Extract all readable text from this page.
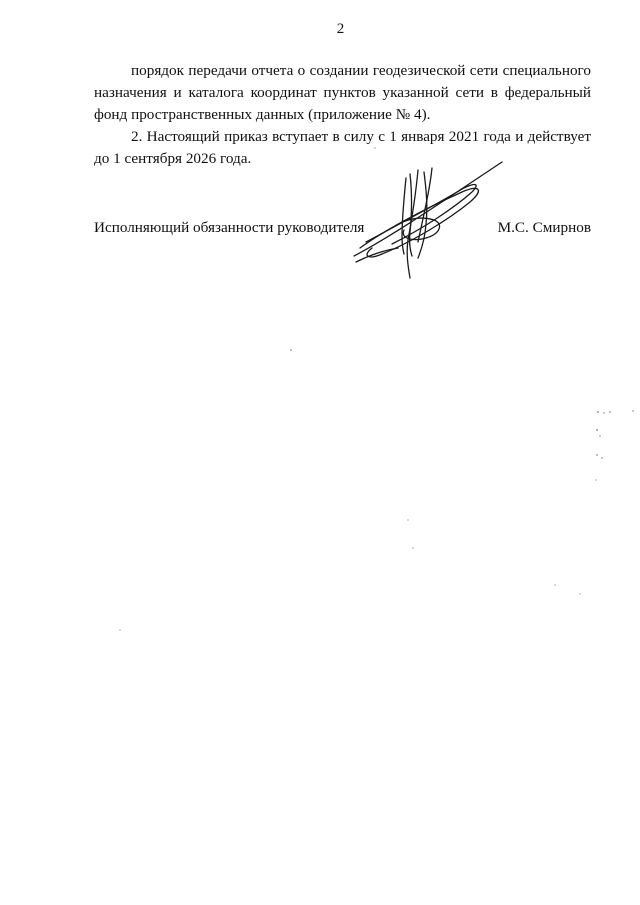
2

порядок передачи отчета о создании геодезической сети специального назначения и каталога координат пунктов указанной сети в федеральный фонд пространственных данных (приложение № 4).

2. Настоящий приказ вступает в силу с 1 января 2021 года и действует до 1 сентября 2026 года.

Исполняющий обязанности руководителя	М.С. Смирнов
